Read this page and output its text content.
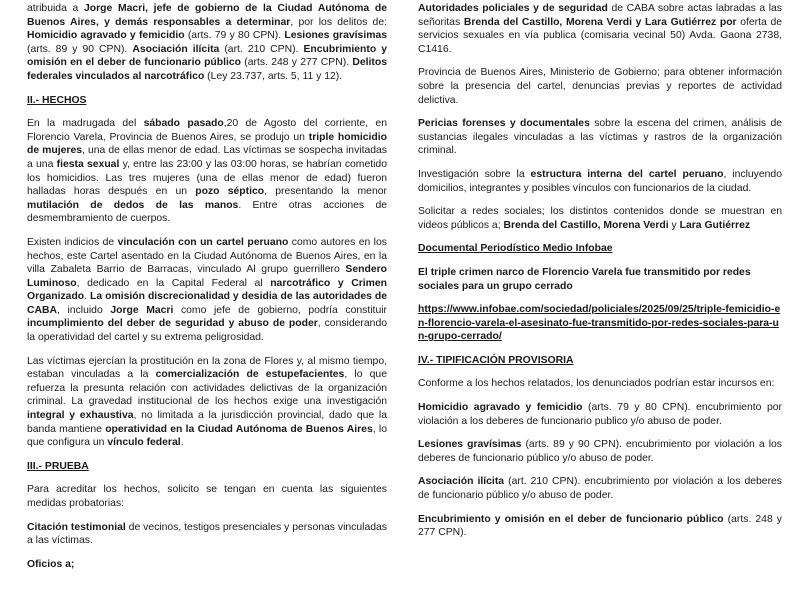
atribuida a Jorge Macri, jefe de gobierno de la Ciudad Autónoma de Buenos Aires, y demás responsables a determinar, por los delitos de: Homicidio agravado y femicidio (arts. 79 y 80 CPN). Lesiones gravísimas (arts. 89 y 90 CPN). Asociación ilícita (art. 210 CPN). Encubrimiento y omisión en el deber de funcionario público (arts. 248 y 277 CPN). Delitos federales vinculados al narcotráfico (Ley 23.737, arts. 5, 11 y 12).

II.- HECHOS

En la madrugada del sábado pasado,20 de Agosto del corriente, en Florencio Varela, Provincia de Buenos Aires, se produjo un triple homicidio de mujeres, una de ellas menor de edad. Las víctimas se sospecha invitadas a una fiesta sexual y, entre las 23:00 y las 03:00 horas, se habrían cometido los homicidios. Las tres mujeres (una de ellas menor de edad) fueron halladas horas después en un pozo séptico, presentando la menor mutilación de dedos de las manos. Entre otras acciones de desmembramiento de cuerpos.

Existen indicios de vinculación con un cartel peruano como autores en los hechos, este Cartel asentado en la Ciudad Autónoma de Buenos Aires, en la villa Zabaleta Barrio de Barracas, vinculado Al grupo guerrillero Sendero Luminoso, dedicado en la Capital Federal al narcotráfico y Crimen Organizado. La omisión discrecionalidad y desidia de las autoridades de CABA, incluido Jorge Macri como jefe de gobierno, podría constituir incumplimiento del deber de seguridad y abuso de poder, considerando la operatividad del cartel y su extrema peligrosidad.

Las víctimas ejercían la prostitución en la zona de Flores y, al mismo tiempo, estaban vinculadas a la comercialización de estupefacientes, lo que refuerza la presunta relación con actividades delictivas de la organización criminal. La gravedad institucional de los hechos exige una investigación integral y exhaustiva, no limitada a la jurisdicción provincial, dado que la banda mantiene operatividad en la Ciudad Autónoma de Buenos Aires, lo que configura un vínculo federal.

III.- PRUEBA

Para acreditar los hechos, solicito se tengan en cuenta las siguientes medidas probatorias:

Citación testimonial de vecinos, testigos presenciales y personas vinculadas a las víctimas.

Oficios a;

Autoridades policiales y de seguridad de CABA sobre actas labradas a las señoritas Brenda del Castillo, Morena Verdi y Lara Gutiérrez por oferta de servicios sexuales en vía publica (comisaria vecinal 50) Avda. Gaona 2738, C1416.

Provincia de Buenos Aires, Ministerio de Gobierno; para obtener información sobre la presencia del cartel, denuncias previas y reportes de actividad delictiva.

Pericias forenses y documentales sobre la escena del crimen, análisis de sustancias ilegales vinculadas a las víctimas y rastros de la organización criminal.

Investigación sobre la estructura interna del cartel peruano, incluyendo domicilios, integrantes y posibles vínculos con funcionarios de la ciudad.

Solicitar a redes sociales; los distintos contenidos donde se muestran en videos públicos a; Brenda del Castillo, Morena Verdi y Lara Gutiérrez

Documental Periodístico Medio Infobae

El triple crimen narco de Florencio Varela fue transmitido por redes sociales para un grupo cerrado

https://www.infobae.com/sociedad/policiales/2025/09/25/triple-femicidio-en-florencio-varela-el-asesinato-fue-transmitido-por-redes-sociales-para-un-grupo-cerrado/

IV.- TIPIFICACIÓN PROVISORIA

Conforme a los hechos relatados, los denunciados podrían estar incursos en:

Homicidio agravado y femicidio (arts. 79 y 80 CPN). encubrimiento por violación a los deberes de funcionario publico y/o abuso de poder.

Lesiones gravísimas (arts. 89 y 90 CPN). encubrimiento por violación a los deberes de funcionario público y/o abuso de poder.

Asociación ilícita (art. 210 CPN). encubrimiento por violación a los deberes de funcionario público y/o abuso de poder.

Encubrimiento y omisión en el deber de funcionario público (arts. 248 y 277 CPN).
